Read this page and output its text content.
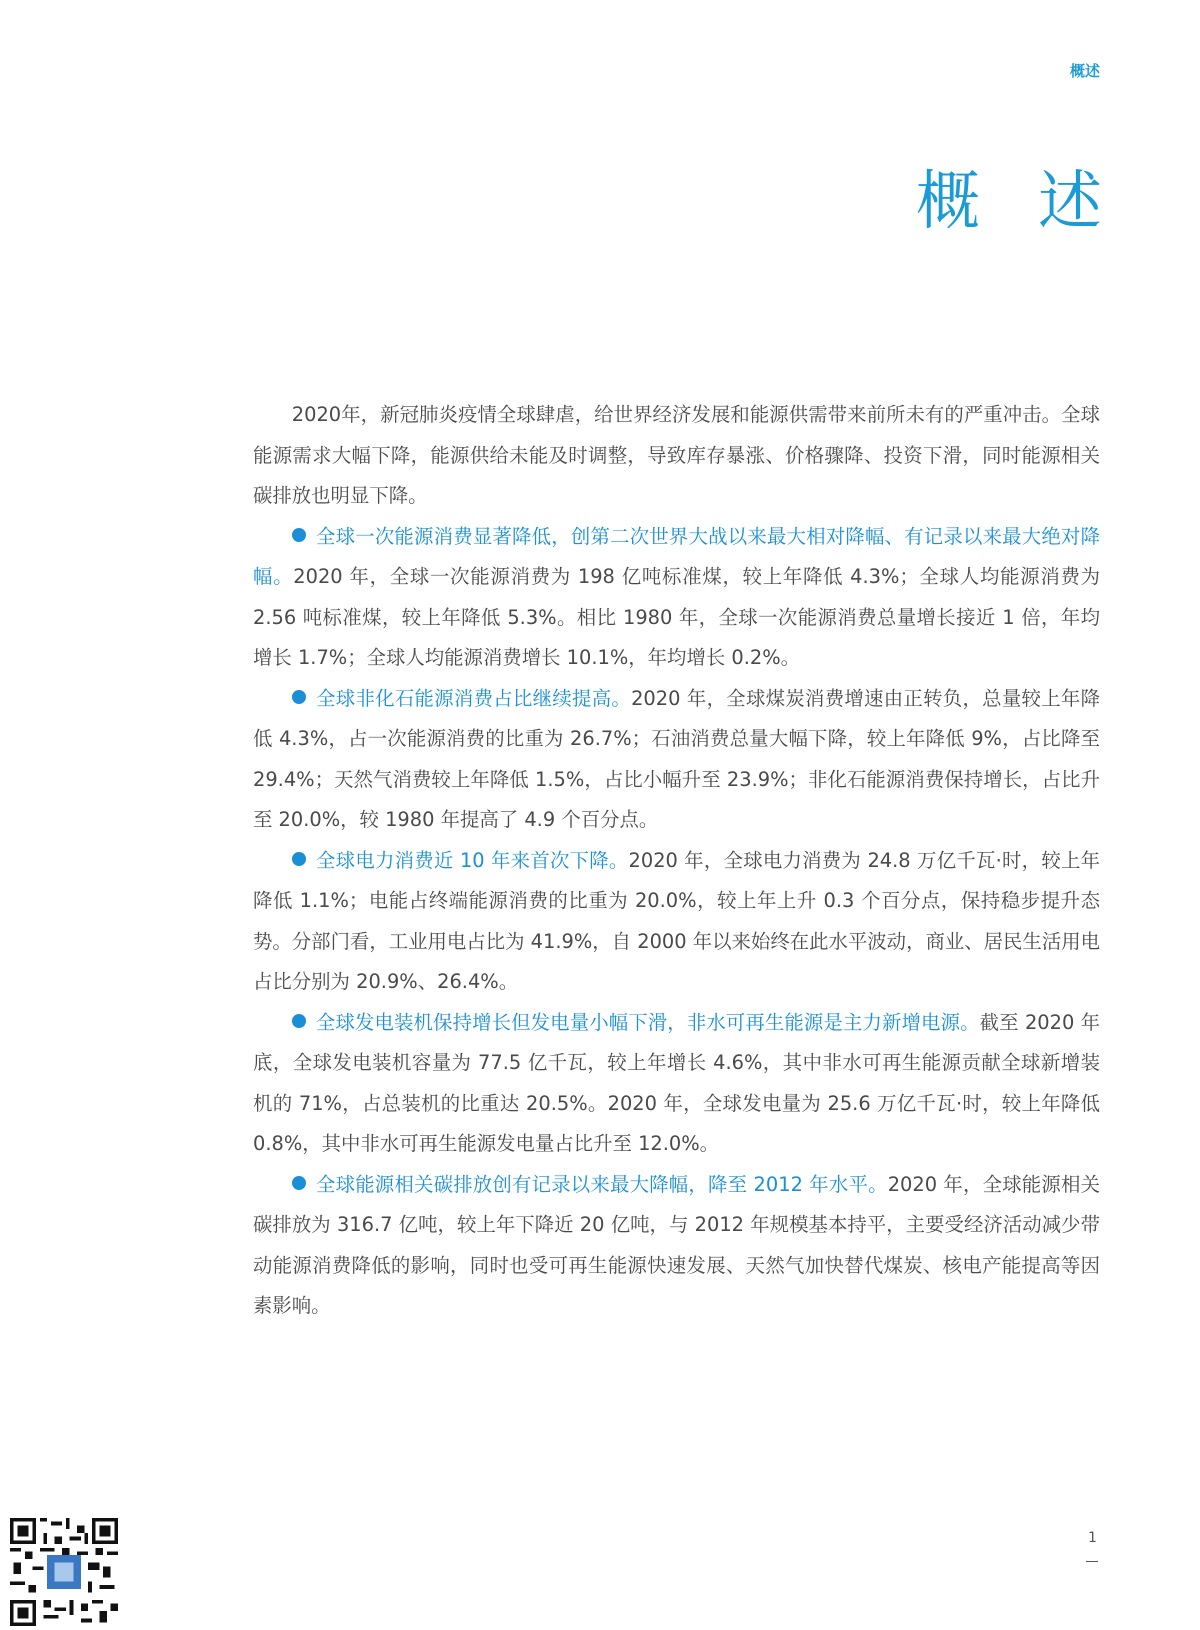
概述
概述

2020年，新冠肺炎疫情全球肆虐，给世界经济发展和能源供需带来前所未有的严重冲击。全球能源需求大幅下降，能源供给未能及时调整，导致库存暴涨、价格骤降、投资下滑，同时能源相关碳排放也明显下降。

全球一次能源消费显著降低，创第二次世界大战以来最大相对降幅、有记录以来最大绝对降幅。2020 年，全球一次能源消费为 198 亿吨标准煤，较上年降低 4.3%；全球人均能源消费为 2.56 吨标准煤，较上年降低 5.3%。相比 1980 年，全球一次能源消费总量增长接近 1 倍，年均增长 1.7%；全球人均能源消费增长 10.1%，年均增长 0.2%。

全球非化石能源消费占比继续提高。2020 年，全球煤炭消费增速由正转负，总量较上年降低 4.3%，占一次能源消费的比重为 26.7%；石油消费总量大幅下降，较上年降低 9%，占比降至 29.4%；天然气消费较上年降低 1.5%，占比小幅升至 23.9%；非化石能源消费保持增长，占比升至 20.0%，较 1980 年提高了 4.9 个百分点。

全球电力消费近 10 年来首次下降。2020 年，全球电力消费为 24.8 万亿千瓦·时，较上年降低 1.1%；电能占终端能源消费的比重为 20.0%，较上年上升 0.3 个百分点，保持稳步提升态势。分部门看，工业用电占比为 41.9%，自 2000 年以来始终在此水平波动，商业、居民生活用电占比分别为 20.9%、26.4%。

全球发电装机保持增长但发电量小幅下滑，非水可再生能源是主力新增电源。截至 2020 年底，全球发电装机容量为 77.5 亿千瓦，较上年增长 4.6%，其中非水可再生能源贡献全球新增装机的 71%，占总装机的比重达 20.5%。2020 年，全球发电量为 25.6 万亿千瓦·时，较上年降低 0.8%，其中非水可再生能源发电量占比升至 12.0%。

全球能源相关碳排放创有记录以来最大降幅，降至 2012 年水平。2020 年，全球能源相关碳排放为 316.7 亿吨，较上年下降近 20 亿吨，与 2012 年规模基本持平，主要受经济活动减少带动能源消费降低的影响，同时也受可再生能源快速发展、天然气加快替代煤炭、核电产能提高等因素影响。

1
